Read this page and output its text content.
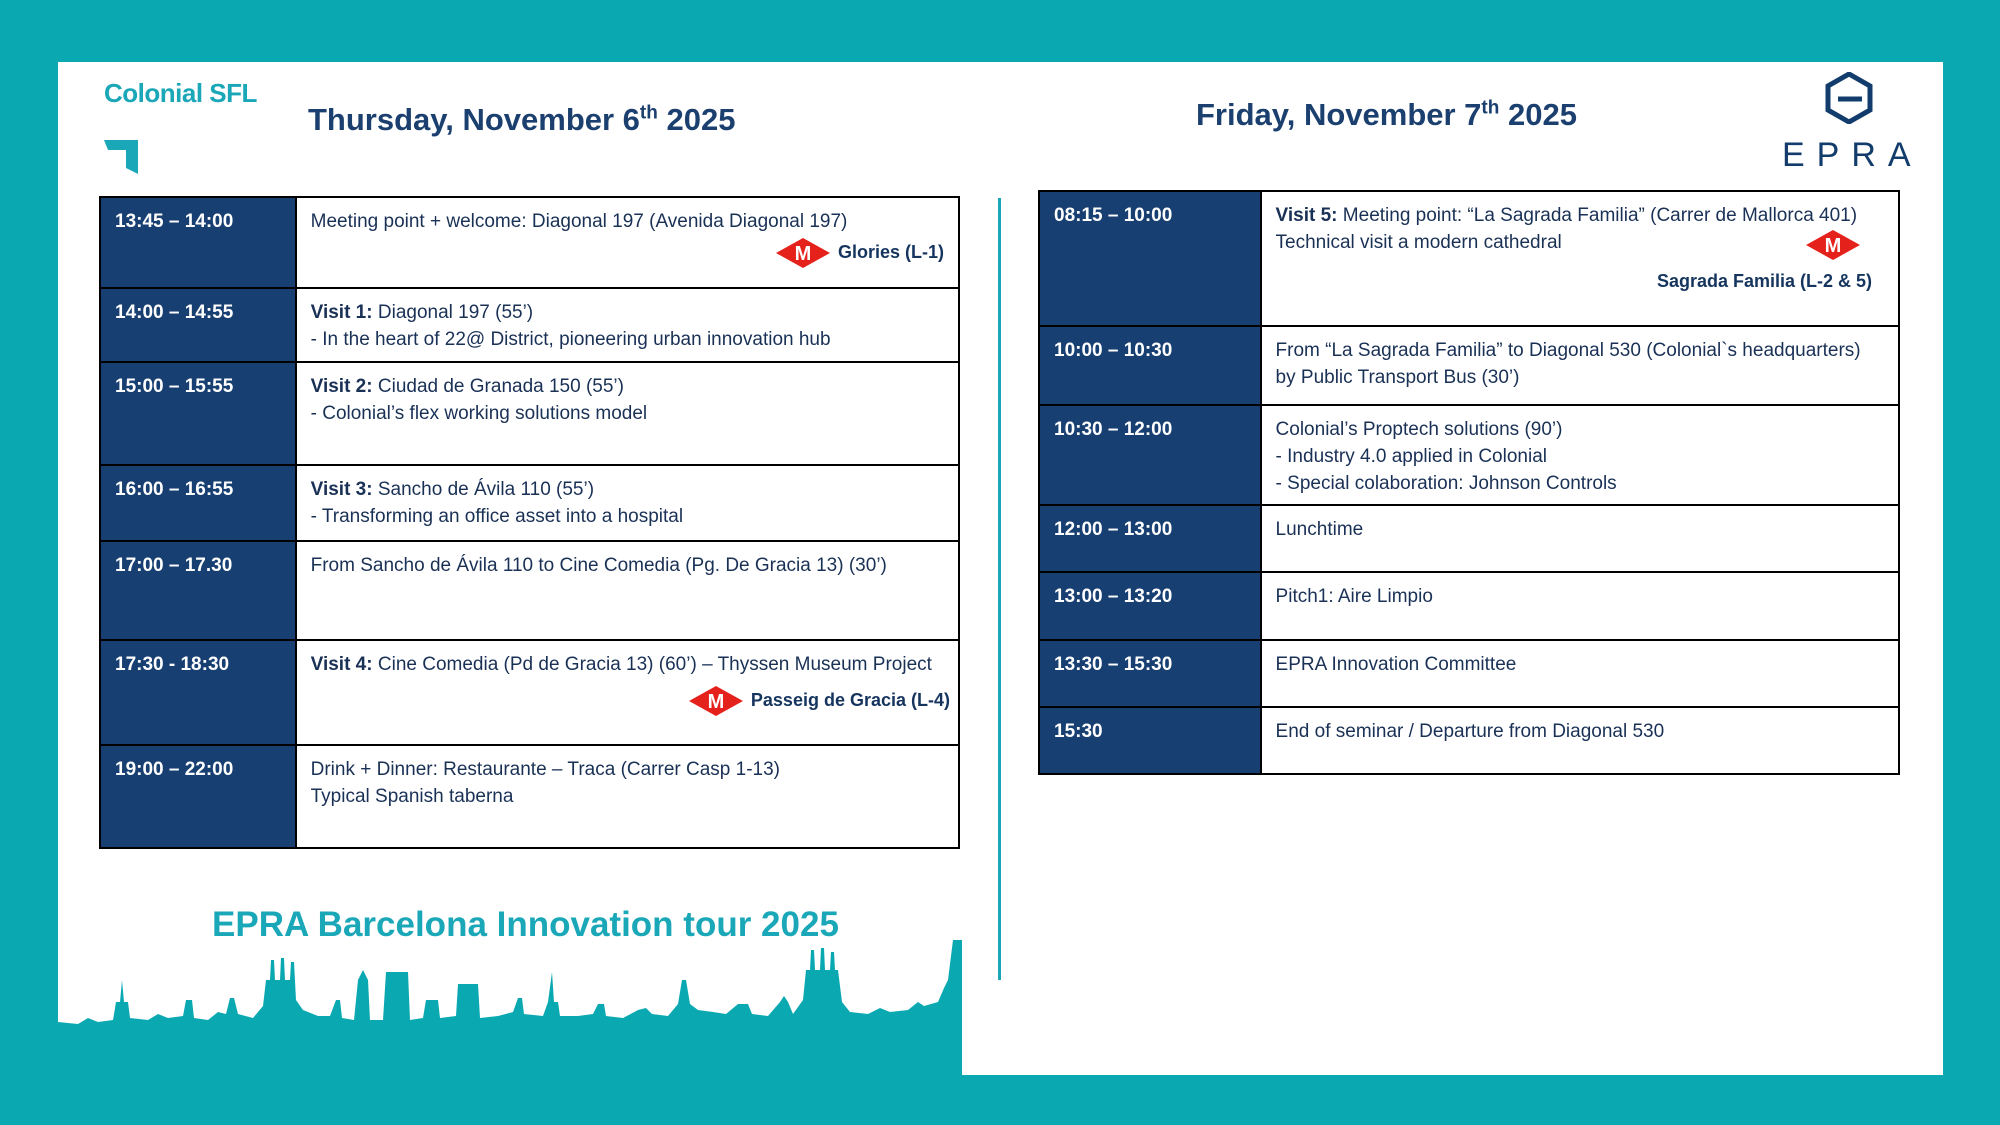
Colonial SFL
EPRA
Thursday, November 6th 2025	Friday, November 7th 2025
13:45 – 14:00	Meeting point + welcome: Diagonal 197 (Avenida Diagonal 197)
M Glories (L-1)

14:00 – 14:55	Visit 1: Diagonal 197 (55’)
- In the heart of 22@ District, pioneering urban innovation hub

15:00 – 15:55	Visit 2: Ciudad de Granada 150 (55’)
- Colonial’s flex working solutions model

16:00 – 16:55	Visit 3: Sancho de Ávila 110 (55’)
- Transforming an office asset into a hospital

17:00 – 17.30	From Sancho de Ávila 110 to Cine Comedia (Pg. De Gracia 13) (30’)
17:30 - 18:30	Visit 4: Cine Comedia (Pd de Gracia 13) (60’) – Thyssen Museum Project
M Passeig de Gracia (L-4)

19:00 – 22:00	Drink + Dinner: Restaurante – Traca (Carrer Casp 1-13)
Typical Spanish taberna
08:15 – 10:00	Visit 5: Meeting point: “La Sagrada Familia” (Carrer de Mallorca 401)
Technical visit a modern cathedral M
Sagrada Familia (L-2 & 5)

10:00 – 10:30	From “La Sagrada Familia” to Diagonal 530 (Colonial`s headquarters) by Public Transport Bus (30’)
10:30 – 12:00	Colonial’s Proptech solutions (90’)
- Industry 4.0 applied in Colonial
- Special colaboration: Johnson Controls

12:00 – 13:00	Lunchtime
13:00 – 13:20	Pitch1: Aire Limpio
13:30 – 15:30	EPRA Innovation Committee
15:30	End of seminar / Departure from Diagonal 530
EPRA Barcelona Innovation tour 2025
